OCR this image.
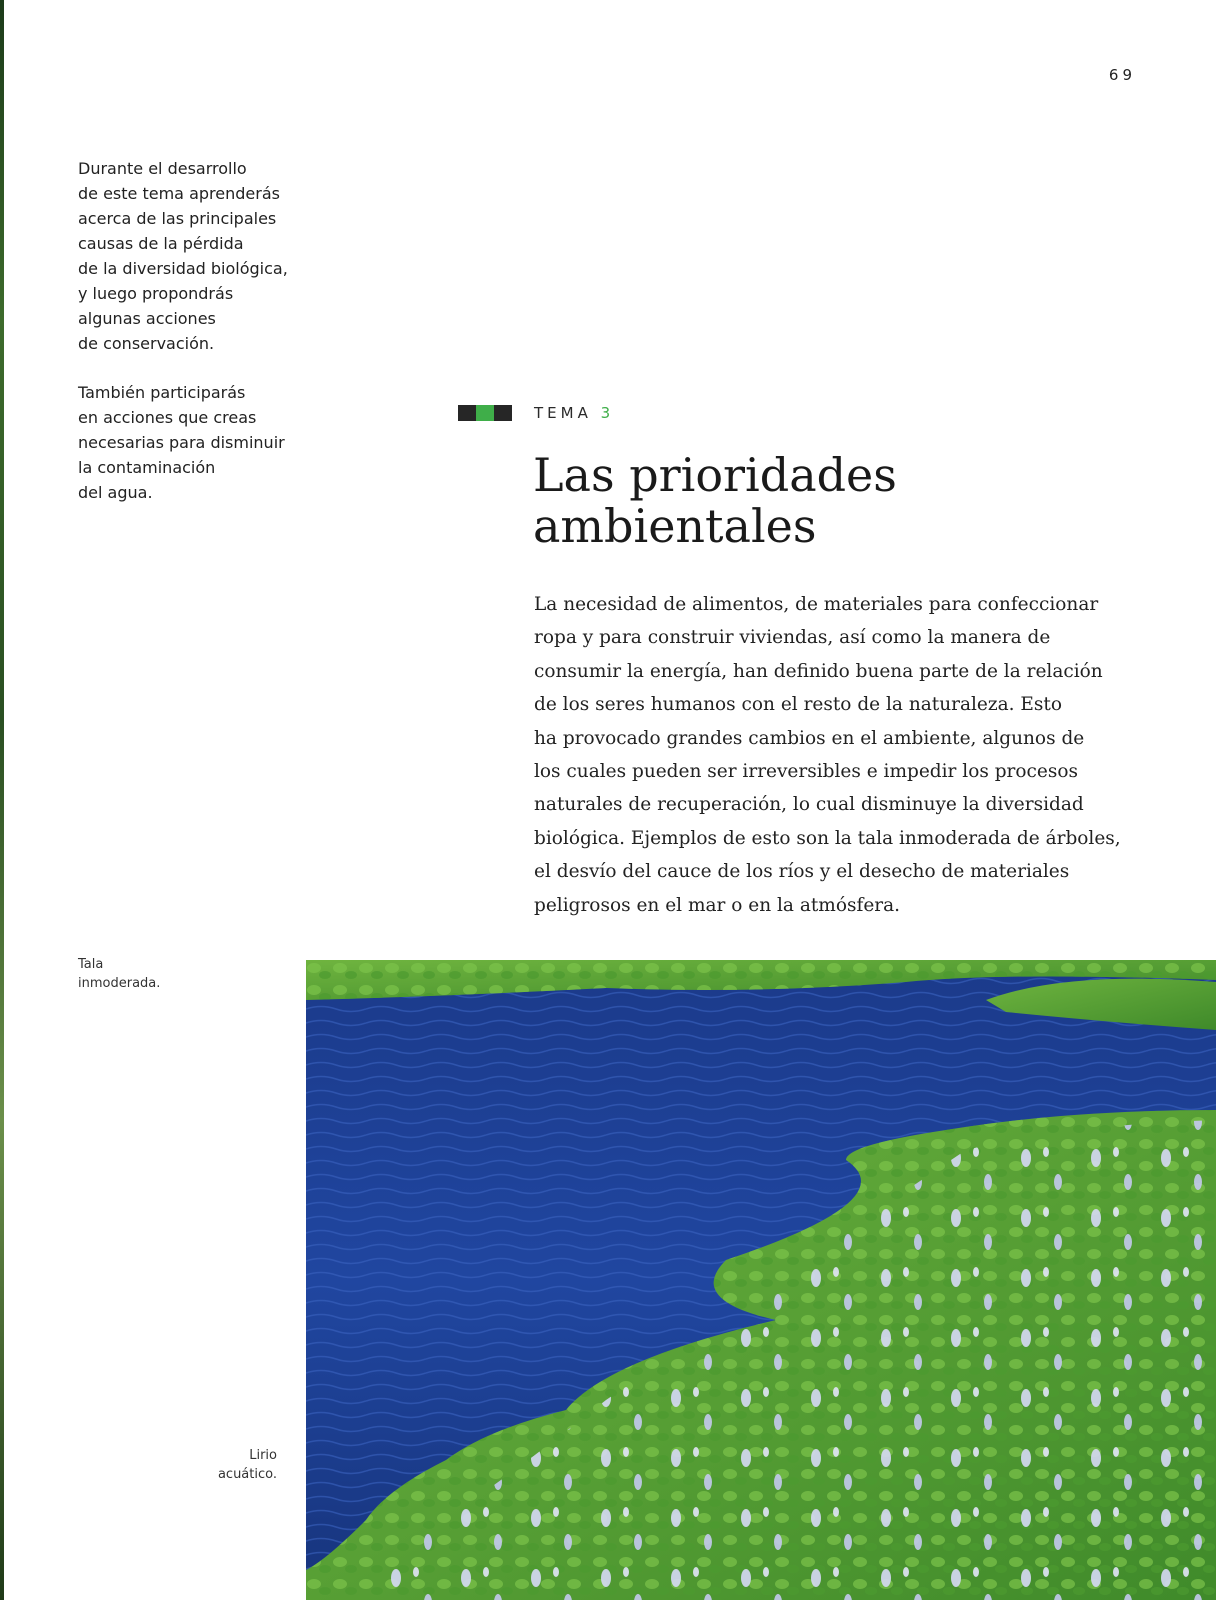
69

Durante el desarrollo
de este tema aprenderás
acerca de las principales
causas de la pérdida
de la diversidad biológica,
y luego propondrás
algunas acciones
de conservación.

También participarás
en acciones que creas
necesarias para disminuir
la contaminación
del agua.

TEMA 3
Las prioridades
ambientales
La necesidad de alimentos, de materiales para confeccionar
ropa y para construir viviendas, así como la manera de
consumir la energía, han definido buena parte de la relación
de los seres humanos con el resto de la naturaleza. Esto
ha provocado grandes cambios en el ambiente, algunos de
los cuales pueden ser irreversibles e impedir los procesos
naturales de recuperación, lo cual disminuye la diversidad
biológica. Ejemplos de esto son la tala inmoderada de árboles,
el desvío del cauce de los ríos y el desecho de materiales
peligrosos en el mar o en la atmósfera.
Tala
inmoderada.
Lirio
acuático.
